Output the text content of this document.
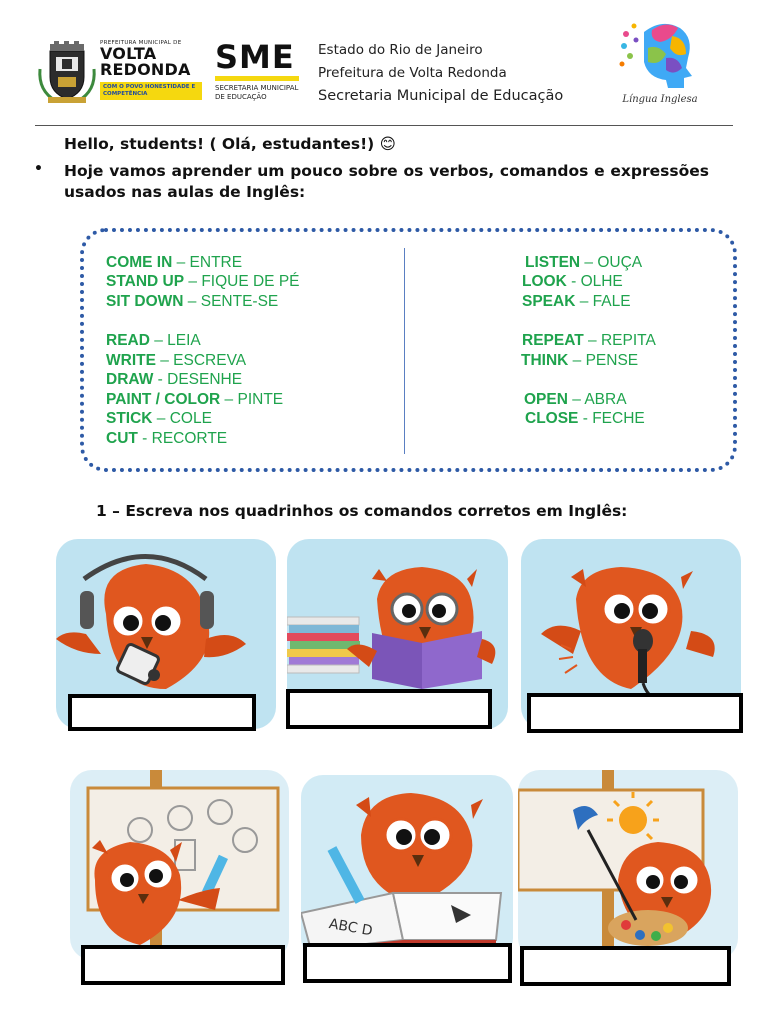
PREFEITURA MUNICIPAL DE
VOLTA
REDONDA
COM O POVO HONESTIDADE E COMPETÊNCIA
SME
SECRETARIA MUNICIPAL DE EDUCAÇÃO
Estado do Rio de Janeiro
Prefeitura de Volta Redonda
Secretaria Municipal de Educação	Língua Inglesa
Hello, students! ( Olá, estudantes!) 😊
• Hoje vamos aprender um pouco sobre os verbos, comandos e expressões usados nas aulas de Inglês:
COME IN – ENTRE
STAND UP – FIQUE DE PÉ
SIT DOWN – SENTE-SE
READ – LEIA
WRITE – ESCREVA
DRAW - DESENHE
PAINT / COLOR – PINTE
STICK – COLE
CUT - RECORTE
LISTEN – OUÇA
LOOK - OLHE
SPEAK – FALE
REPEAT – REPITA
THINK – PENSE
OPEN – ABRA
CLOSE - FECHE
1 – Escreva nos quadrinhos os comandos corretos em Inglês:
ABC D
